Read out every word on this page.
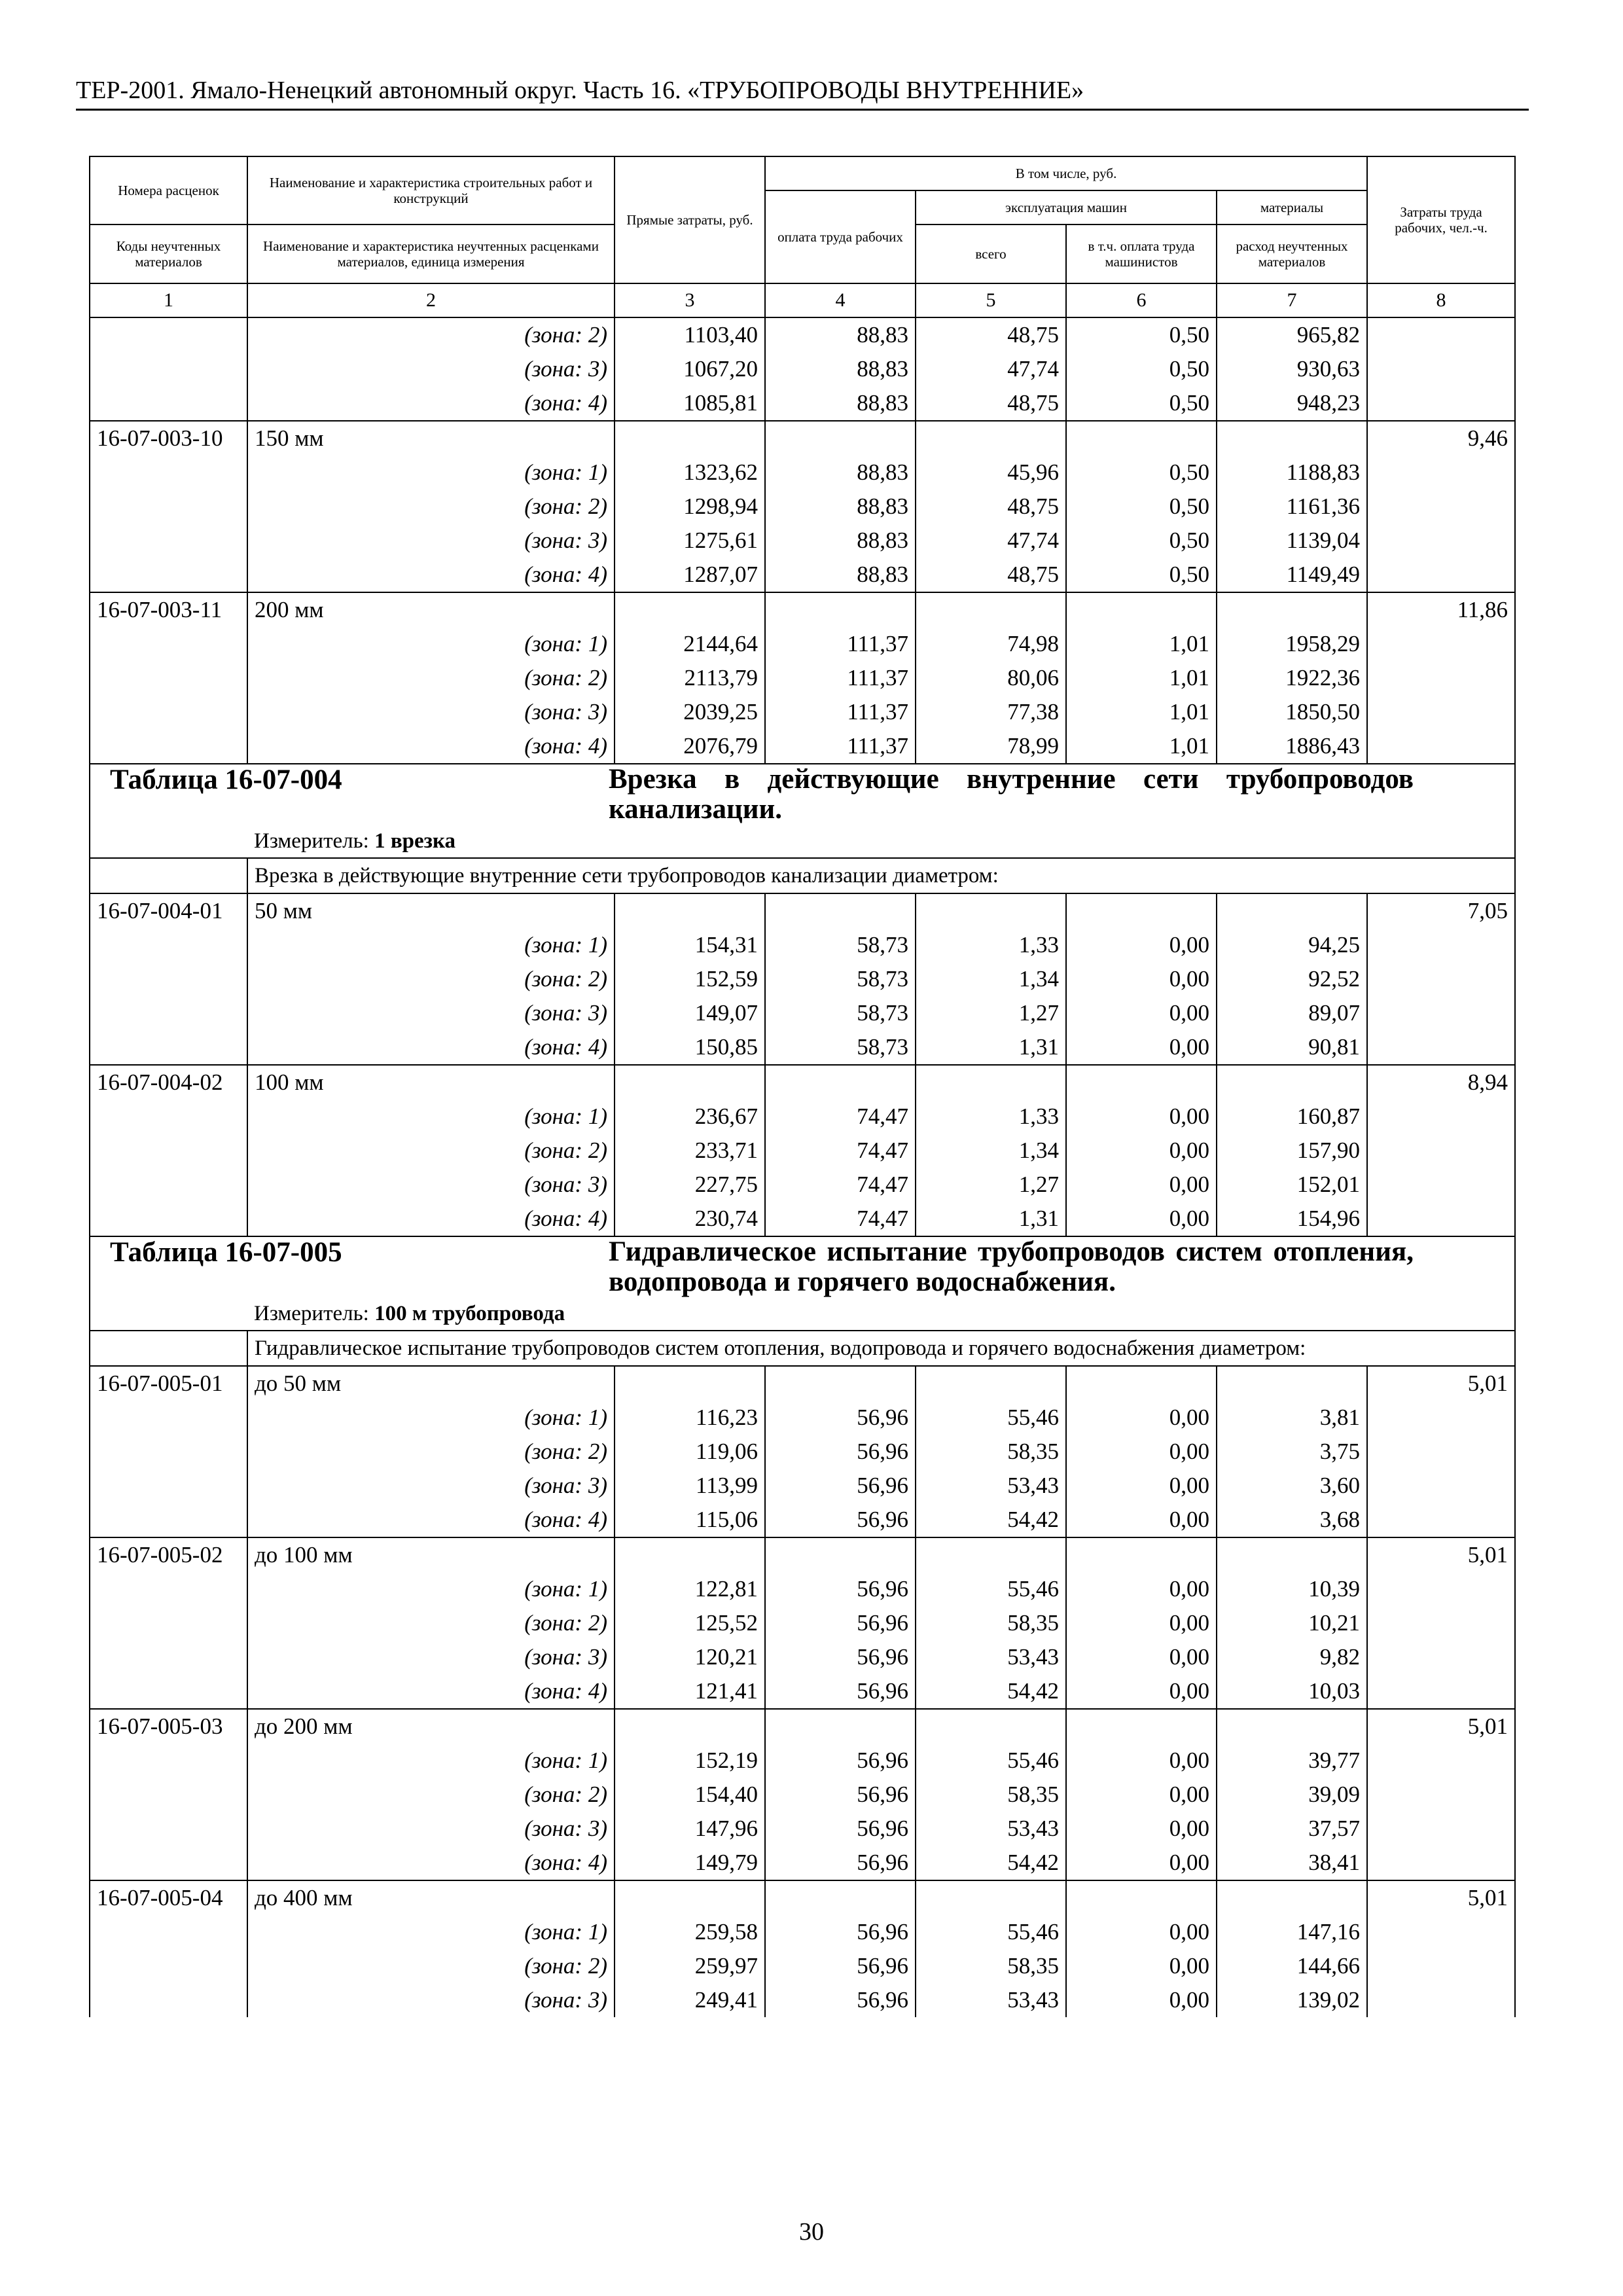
ТЕР-2001. Ямало-Ненецкий автономный округ. Часть 16. «ТРУБОПРОВОДЫ ВНУТРЕННИЕ»
Номера расценок	Наименование и характеристика строительных работ и конструкций	Прямые затраты, руб.	В том числе, руб.				Затраты труда рабочих, чел.-ч.
			оплата труда рабочих	эксплуатация машин		материалы	
Коды неучтенных материалов	Наименование и характеристика неучтенных расценками материалов, единица измерения			всего	в т.ч. оплата труда машинистов	расход неучтенных материалов	
1	2	3	4	5	6	7	8
	(зона: 2)	1103,40	88,83	48,75	0,50	965,82	
	(зона: 3)	1067,20	88,83	47,74	0,50	930,63	
	(зона: 4)	1085,81	88,83	48,75	0,50	948,23	
16-07-003-10	150 мм						9,46
	(зона: 1)	1323,62	88,83	45,96	0,50	1188,83	
	(зона: 2)	1298,94	88,83	48,75	0,50	1161,36	
	(зона: 3)	1275,61	88,83	47,74	0,50	1139,04	
	(зона: 4)	1287,07	88,83	48,75	0,50	1149,49	
16-07-003-11	200 мм						11,86
	(зона: 1)	2144,64	111,37	74,98	1,01	1958,29	
	(зона: 2)	2113,79	111,37	80,06	1,01	1922,36	
	(зона: 3)	2039,25	111,37	77,38	1,01	1850,50	
	(зона: 4)	2076,79	111,37	78,99	1,01	1886,43	
Таблица 16-07-004 Врезка в действующие внутренние сети трубопроводов канализации.							

Измеритель: 1 врезка							

	Врезка в действующие внутренние сети трубопроводов канализации диаметром:						
16-07-004-01	50 мм						7,05
	(зона: 1)	154,31	58,73	1,33	0,00	94,25	
	(зона: 2)	152,59	58,73	1,34	0,00	92,52	
	(зона: 3)	149,07	58,73	1,27	0,00	89,07	
	(зона: 4)	150,85	58,73	1,31	0,00	90,81	
16-07-004-02	100 мм						8,94
	(зона: 1)	236,67	74,47	1,33	0,00	160,87	
	(зона: 2)	233,71	74,47	1,34	0,00	157,90	
	(зона: 3)	227,75	74,47	1,27	0,00	152,01	
	(зона: 4)	230,74	74,47	1,31	0,00	154,96	
Таблица 16-07-005 Гидравлическое испытание трубопроводов систем отопления, водопровода и горячего водоснабжения.							

Измеритель: 100 м трубопровода							

	Гидравлическое испытание трубопроводов систем отопления, водопровода и горячего водоснабжения диаметром:						
16-07-005-01	до 50 мм						5,01
	(зона: 1)	116,23	56,96	55,46	0,00	3,81	
	(зона: 2)	119,06	56,96	58,35	0,00	3,75	
	(зона: 3)	113,99	56,96	53,43	0,00	3,60	
	(зона: 4)	115,06	56,96	54,42	0,00	3,68	
16-07-005-02	до 100 мм						5,01
	(зона: 1)	122,81	56,96	55,46	0,00	10,39	
	(зона: 2)	125,52	56,96	58,35	0,00	10,21	
	(зона: 3)	120,21	56,96	53,43	0,00	9,82	
	(зона: 4)	121,41	56,96	54,42	0,00	10,03	
16-07-005-03	до 200 мм						5,01
	(зона: 1)	152,19	56,96	55,46	0,00	39,77	
	(зона: 2)	154,40	56,96	58,35	0,00	39,09	
	(зона: 3)	147,96	56,96	53,43	0,00	37,57	
	(зона: 4)	149,79	56,96	54,42	0,00	38,41	
16-07-005-04	до 400 мм						5,01
	(зона: 1)	259,58	56,96	55,46	0,00	147,16	
	(зона: 2)	259,97	56,96	58,35	0,00	144,66	
	(зона: 3)	249,41	56,96	53,43	0,00	139,02	
30
